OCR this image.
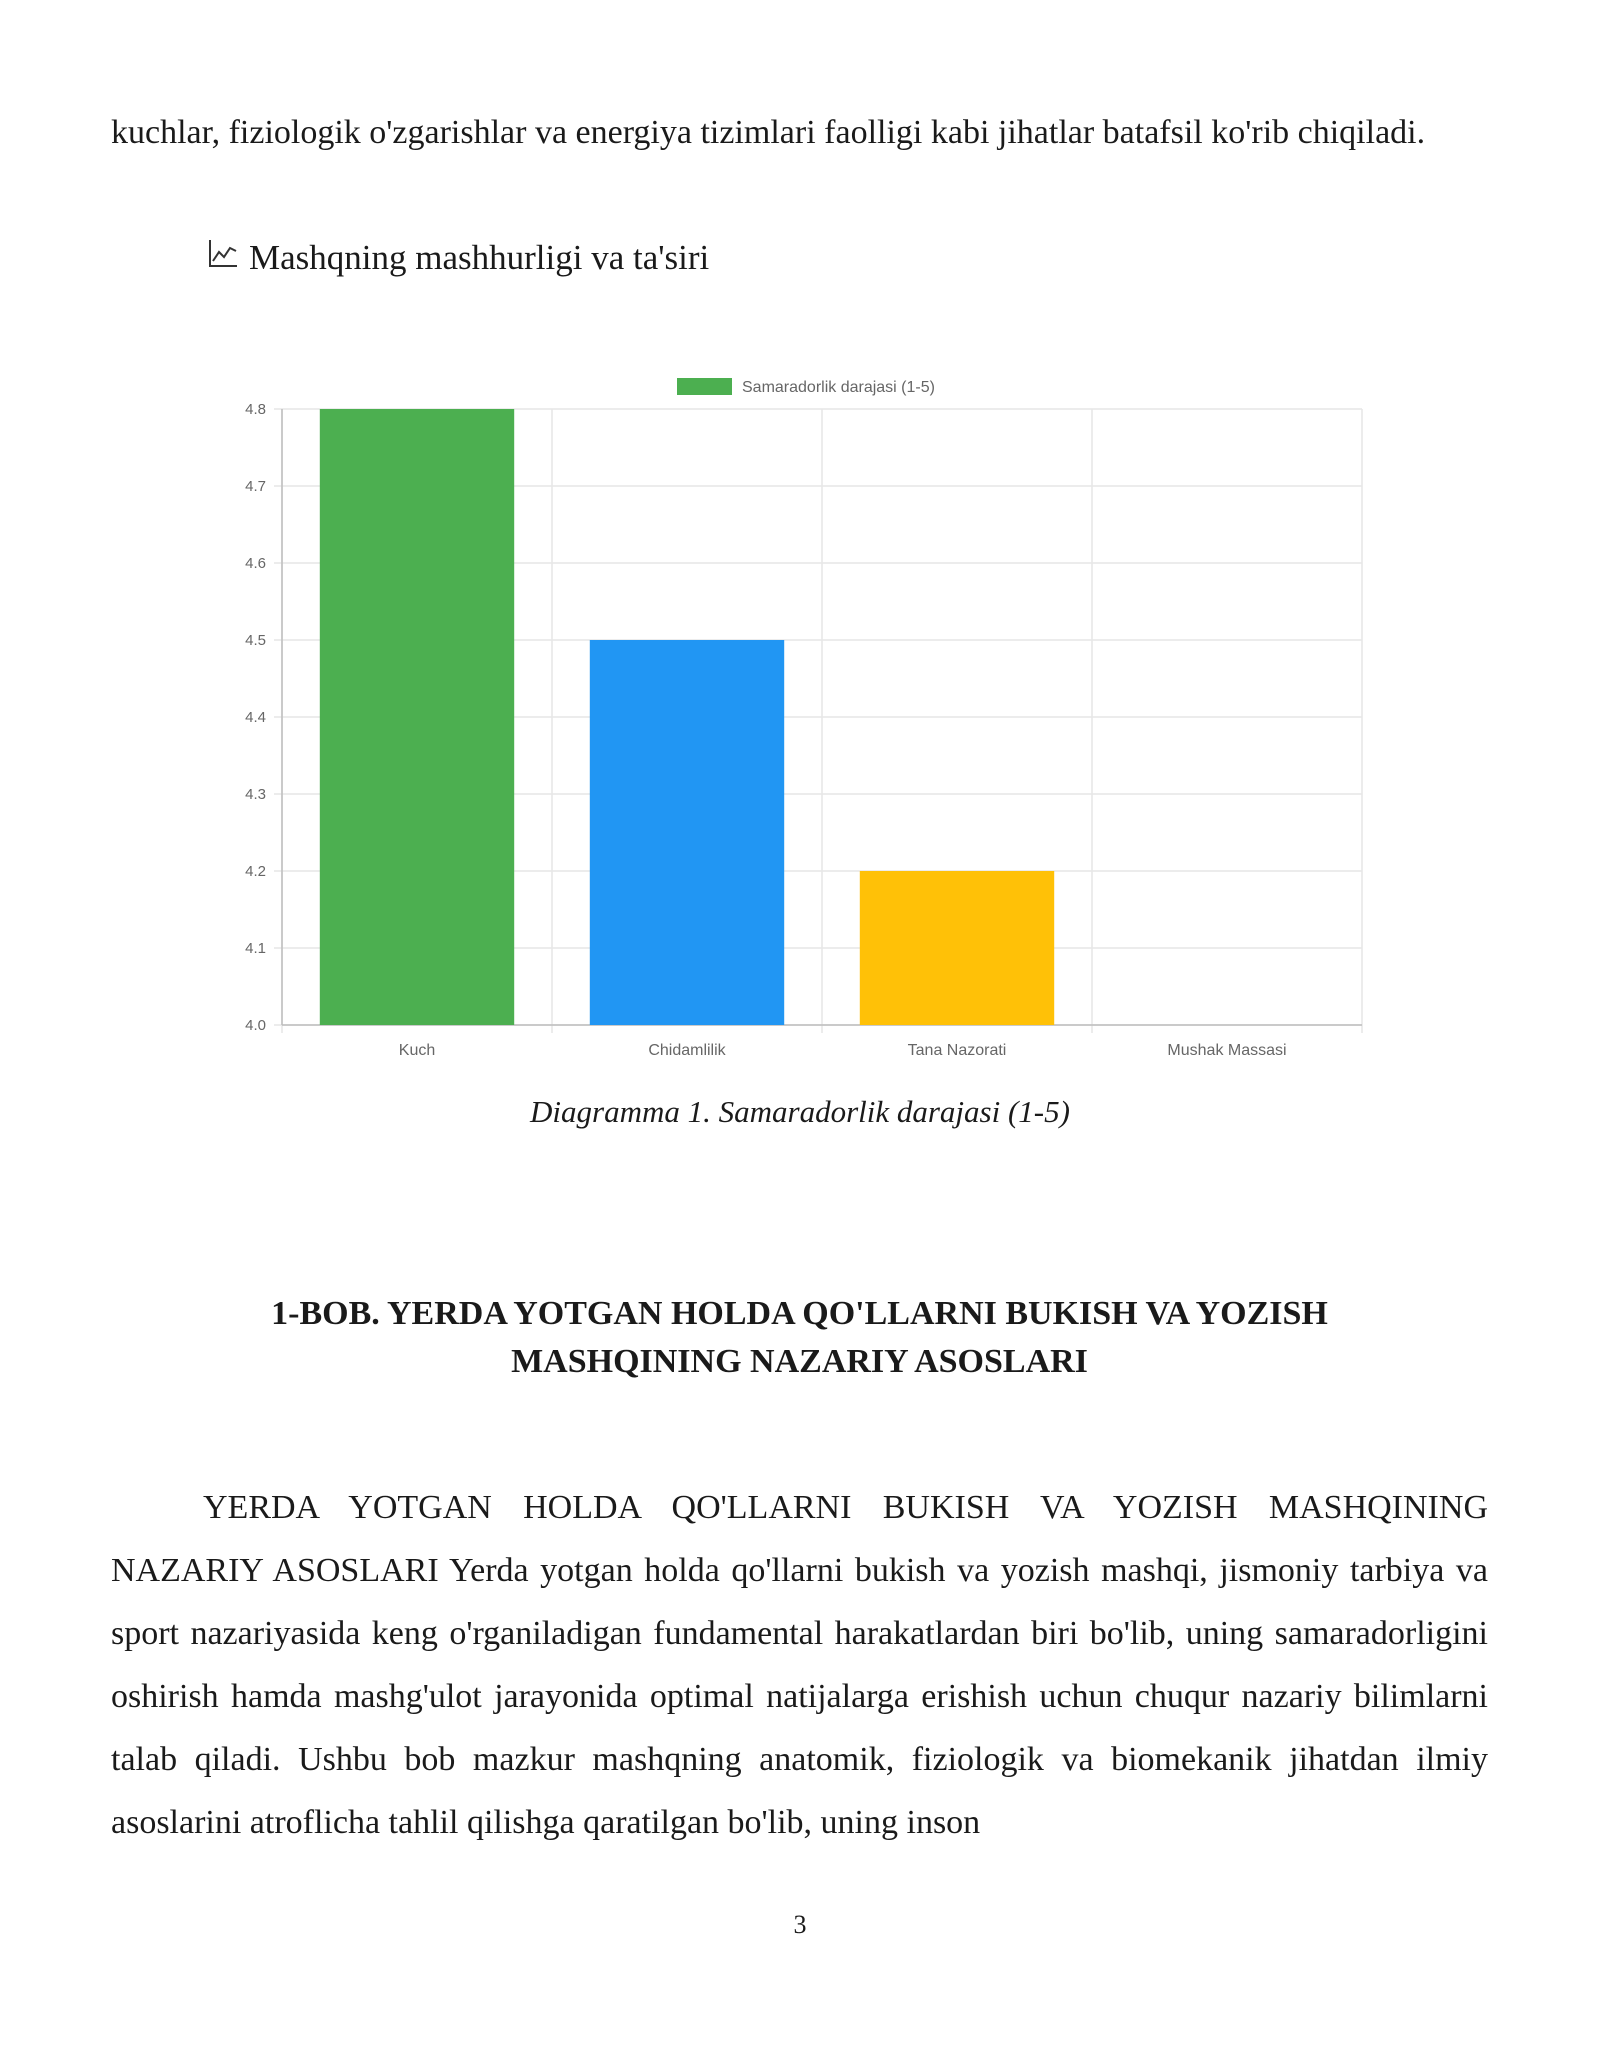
kuchlar, fiziologik o'zgarishlar va energiya tizimlari faolligi kabi jihatlar batafsil ko'rib chiqiladi.

Mashqning mashhurligi va ta'siri
4.0
4.1
4.2
4.3
4.4
4.5
4.6
4.7
4.8
Kuch	Chidamlilik	Tana Nazorati	Mushak Massasi
Samaradorlik darajasi (1-5)
Diagramma 1. Samaradorlik darajasi (1-5)
1-BOB. YERDA YOTGAN HOLDA QO'LLARNI BUKISH VA YOZISH
MASHQINING NAZARIY ASOSLARI

YERDA YOTGAN HOLDA QO'LLARNI BUKISH VA YOZISH MASHQINING NAZARIY ASOSLARI Yerda yotgan holda qo'llarni bukish va yozish mashqi, jismoniy tarbiya va sport nazariyasida keng o'rganiladigan fundamental harakatlardan biri bo'lib, uning samaradorligini oshirish hamda mashg'ulot jarayonida optimal natijalarga erishish uchun chuqur nazariy bilimlarni talab qiladi. Ushbu bob mazkur mashqning anatomik, fiziologik va biomekanik jihatdan ilmiy asoslarini atroflicha tahlil qilishga qaratilgan bo'lib, uning inson

3
